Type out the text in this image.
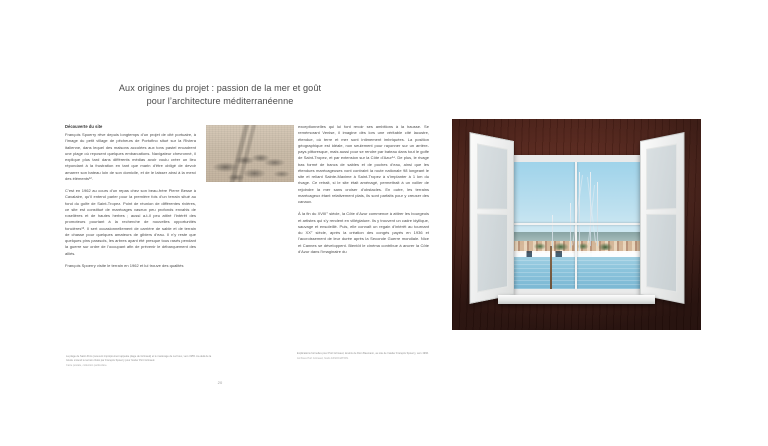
Aux origines du projet : passion de la mer et goût
pour l’architecture méditerranéenne
Découverte du site

François Spoerry rêve depuis longtemps d’un projet de cité portuaire, à l’image du petit village de pêcheurs de Portofino situé sur la Riviera italienne, dans lequel des maisons accolées aux tons pastel encadrent une plage où reposent quelques embarcations. Navigateur chevronné, il explique plus tard dans différents médias avoir voulu créer un lieu répondant à la frustration en tant que marin d’être obligé de devoir amarrer son bateau loin de son domicile, et de le laisser ainsi à la merci des éléments¹².

C’est en 1962 au cours d’un repas chez son beau-frère Pierre Besse à Cavalaire, qu’il entend parler pour la première fois d’un terrain situé au fond du golfe de Saint-Tropez. Point de réunion de différentes rivières, ce site est constitué de marécages vaseux peu profonds envahis de roselières et de hautes herbes ; aussi a-t-il peu attiré l’intérêt des promoteurs pourtant à la recherche de nouvelles opportunités foncières¹³. Il sert occasionnellement de carrière de sable et de terrain de chasse pour quelques amateurs de gibiers d’eau. Il n’y reste que quelques pins parasols, les arbres ayant été presque tous rasés pendant la guerre sur ordre de l’occupant afin de prévenir le débarquement des alliés.

François Spoerry visite le terrain en 1962 et lui trouve des qualités

exceptionnelles qui lui font revoir ses ambitions à la hausse. Se remémorant Venise, il imagine dès lors une véritable cité lacustre, étendue, où terre et mer sont intimement imbriquées. La position géographique est idéale, non seulement pour rayonner sur un arrière-pays pittoresque, mais aussi pour se rendre par bateau dans tout le golfe de Saint-Tropez, et par extension sur la Côte d’Azur¹⁴. De plus, le rivage bas formé de bancs de sables et de poches d’eau, ainsi que les étendues marécageuses vont contraint la route nationale 98 longeant le site et reliant Sainte-Maxime à Saint-Tropez à s’implanter à 1 km du rivage. Ce retrait, si le site était aménagé, permettrait à un voilier de rejoindre la mer sans croiser d’obstacles. En outre, les terrains marécageux étant relativement plats, ils sont parfaits pour y creuser des canaux.

À la fin du XVIII° siècle, la Côte d’Azur commence à attirer les bourgeois et artistes qui s’y rendent en villégiature. Ils y trouvent un cadre idyllique, sauvage et ensoleillé. Puis, elle connaît un regain d’intérêt au tournant du XX° siècle, après la création des congés payés en 1936 et l’accroissement de leur durée après la Seconde Guerre mondiale. Nice et Cannes se développent. Bientôt le cinéma contribue à ancrer la Côte d’Azur dans l’imaginaire du

La plage de Saint-Pons (souvent improprement appelée plage de Grimaud) et le marécage de La Foux, vers 1955. Au-delà de la Giscle s’étend le terrain choisi par François Spoerry pour fonder Port Grimaud.
Carte postale, collection particulière.
Explications formelles pour Port Grimaud, devinis de Dom Baumann, au site de l’atelier François Spoerry, vers 1966.
Archives Port Grimaud, fonds ASSOCIATION.
20
